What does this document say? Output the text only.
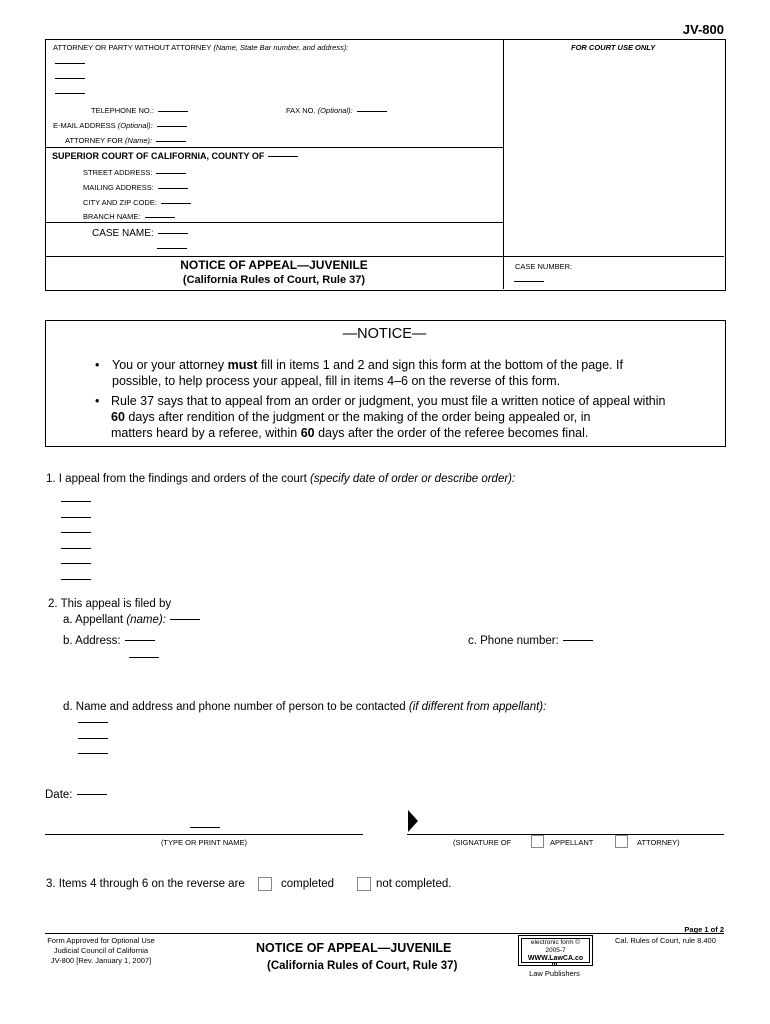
JV-800
ATTORNEY OR PARTY WITHOUT ATTORNEY (Name, State Bar number, and address):	FOR COURT USE ONLY
TELEPHONE NO.:	FAX NO. (Optional):
E-MAIL ADDRESS (Optional):
ATTORNEY FOR (Name):
SUPERIOR COURT OF CALIFORNIA, COUNTY OF
STREET ADDRESS:
MAILING ADDRESS:
CITY AND ZIP CODE:
BRANCH NAME:
CASE NAME:
NOTICE OF APPEAL—JUVENILE
(California Rules of Court, Rule 37)
CASE NUMBER:
—NOTICE—
• You or your attorney must fill in items 1 and 2 and sign this form at the bottom of the page. If
possible, to help process your appeal, fill in items 4–6 on the reverse of this form.
• Rule 37 says that to appeal from an order or judgment, you must file a written notice of appeal within
60 days after rendition of the judgment or the making of the order being appealed or, in
matters heard by a referee, within 60 days after the order of the referee becomes final.
1. I appeal from the findings and orders of the court (specify date of order or describe order):
2. This appeal is filed by
a. Appellant (name):
b. Address:	c. Phone number:
d. Name and address and phone number of person to be contacted (if different from appellant):
Date:
(TYPE OR PRINT NAME)	(SIGNATURE OF	APPELLANT	ATTORNEY)
3. Items 4 through 6 on the reverse are	completed	not completed.
Page 1 of 2
Form Approved for Optional Use
Judicial Council of California
JV-800 [Rev. January 1, 2007]
NOTICE OF APPEAL—JUVENILE
(California Rules of Court, Rule 37)
electronic form ©
2005-7
WWW.LawCA.co
m
Law Publishers
Cal. Rules of Court, rule 8.400
